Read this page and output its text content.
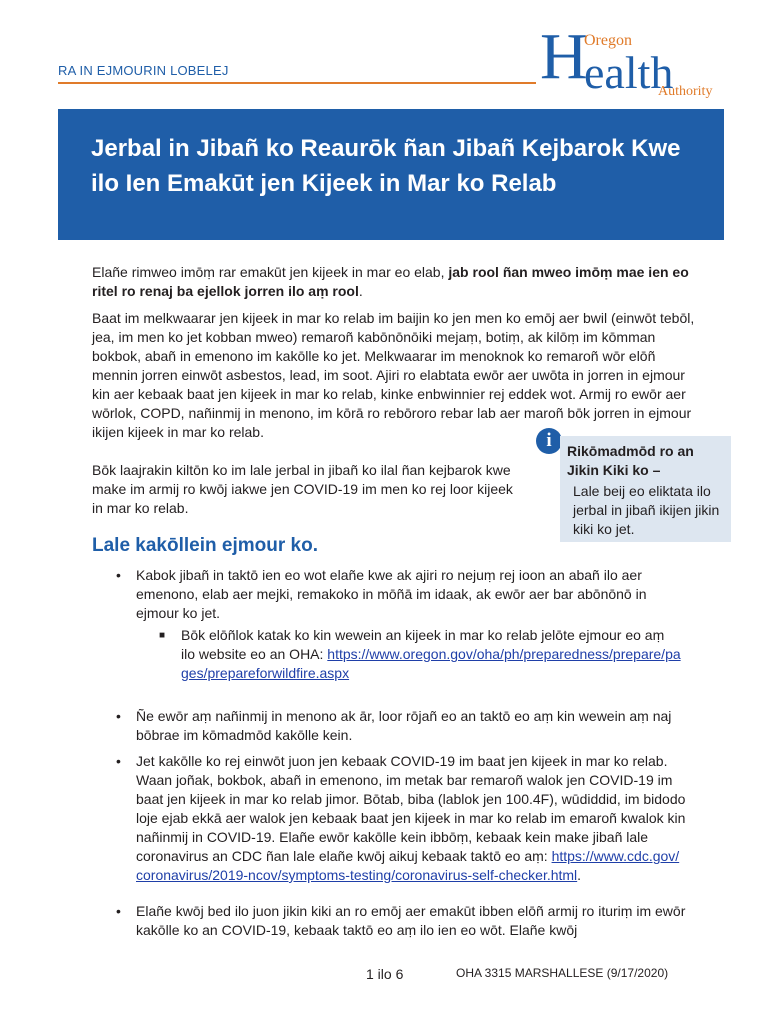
RA IN EJMOURIN LOBELEJ	H
Oregon
ealth
Authority
Jerbal in Jibañ ko Reaurōk ñan Jibañ Kejbarok Kwe ilo Ien Emakūt jen Kijeek in Mar ko Relab
Elañe rimweo imōṃ rar emakūt jen kijeek in mar eo elab, jab rool ñan mweo imōṃ mae ien eo ritel ro renaj ba ejellok jorren ilo aṃ rool.
Baat im melkwaarar jen kijeek in mar ko relab im baijin ko jen men ko emōj aer bwil (einwōt tebōl, jea, im men ko jet kobban mweo) remaroñ kabōnōnōiki mejaṃ, botiṃ, ak kilōṃ im kōmman bokbok, abañ in emenono im kakōlle ko jet. Melkwaarar im menoknok ko remaroñ wōr elōñ mennin jorren einwōt asbestos, lead, im soot. Ajiri ro elabtata ewōr aer uwōta in jorren in ejmour kin aer kebaak baat jen kijeek in mar ko relab, kinke enbwinnier rej eddek wot. Armij ro ewōr aer wōrlok, COPD, nañinmij in menono, im kōrā ro rebōroro rebar lab aer maroñ bōk jorren in ejmour ikijen kijeek in mar ko relab.
Bōk laajrakin kiltōn ko im lale jerbal in jibañ ko ilal ñan kejbarok kwe make im armij ro kwōj iakwe jen COVID-19 im men ko rej loor kijeek in mar ko relab.
i	Rikōmadmōd ro an Jikin Kiki ko –
Lale beij eo eliktata ilo jerbal in jibañ ikijen jikin kiki ko jet.
Lale kakōllein ejmour ko.
• Kabok jibañ in taktō ien eo wot elañe kwe ak ajiri ro nejuṃ rej ioon an abañ ilo aer emenono, elab aer mejki, remakoko in mōñā im idaak, ak ewōr aer bar abōnōnō in ejmour ko jet.
■ Bōk elōñlok katak ko kin wewein an kijeek in mar ko relab jelōte ejmour eo aṃ ilo website eo an OHA: https://www.oregon.gov/oha/ph/preparedness/prepare/pages/prepareforwildfire.aspx
• Ñe ewōr aṃ nañinmij in menono ak ār, loor rōjañ eo an taktō eo aṃ kin wewein aṃ naj bōbrae im kōmadmōd kakōlle kein.
• Jet kakōlle ko rej einwōt juon jen kebaak COVID-19 im baat jen kijeek in mar ko relab. Waan joñak, bokbok, abañ in emenono, im metak bar remaroñ walok jen COVID-19 im baat jen kijeek in mar ko relab jimor. Bōtab, biba (lablok jen 100.4F), wūdiddid, im bidodo loje ejab ekkā aer walok jen kebaak baat jen kijeek in mar ko relab im emaroñ kwalok kin nañinmij in COVID-19. Elañe ewōr kakōlle kein ibbōṃ, kebaak kein make jibañ lale coronavirus an CDC ñan lale elañe kwōj aikuj kebaak taktō eo aṃ: https://www.cdc.gov/coronavirus/2019-ncov/symptoms-testing/coronavirus-self-checker.html.
• Elañe kwōj bed ilo juon jikin kiki an ro emōj aer emakūt ibben elōñ armij ro ituriṃ im ewōr kakōlle ko an COVID-19, kebaak taktō eo aṃ ilo ien eo wōt. Elañe kwōj
1 ilo 6	OHA 3315 MARSHALLESE (9/17/2020)
